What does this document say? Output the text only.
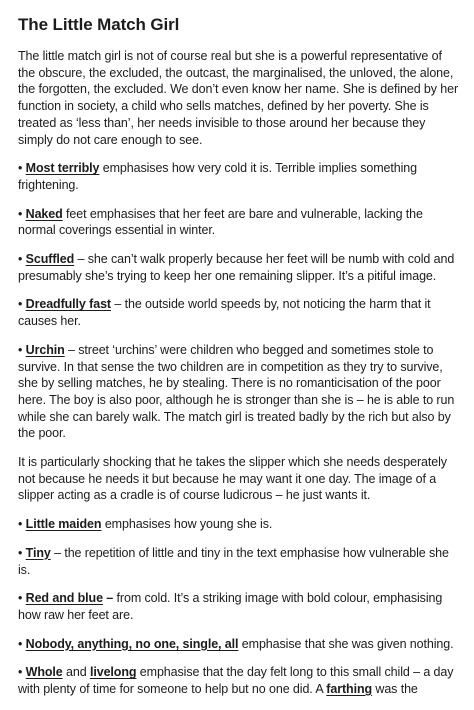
The Little Match Girl

The little match girl is not of course real but she is a powerful representative of the obscure, the excluded, the outcast, the marginalised, the unloved, the alone, the forgotten, the excluded. We don’t even know her name. She is defined by her function in society, a child who sells matches, defined by her poverty. She is treated as ‘less than’, her needs invisible to those around her because they simply do not care enough to see.

• Most terribly emphasises how very cold it is. Terrible implies something frightening.

• Naked feet emphasises that her feet are bare and vulnerable, lacking the normal coverings essential in winter.

• Scuffled – she can’t walk properly because her feet will be numb with cold and presumably she’s trying to keep her one remaining slipper. It’s a pitiful image.

• Dreadfully fast – the outside world speeds by, not noticing the harm that it causes her.

• Urchin – street ‘urchins’ were children who begged and sometimes stole to survive. In that sense the two children are in competition as they try to survive, she by selling matches, he by stealing. There is no romanticisation of the poor here. The boy is also poor, although he is stronger than she is – he is able to run while she can barely walk. The match girl is treated badly by the rich but also by the poor.

It is particularly shocking that he takes the slipper which she needs desperately not because he needs it but because he may want it one day. The image of a slipper acting as a cradle is of course ludicrous – he just wants it.

• Little maiden emphasises how young she is.

• Tiny – the repetition of little and tiny in the text emphasise how vulnerable she is.

• Red and blue – from cold. It’s a striking image with bold colour, emphasising how raw her feet are.

• Nobody, anything, no one, single, all emphasise that she was given nothing.

• Whole and livelong emphasise that the day felt long to this small child – a day with plenty of time for someone to help but no one did. A farthing was the
